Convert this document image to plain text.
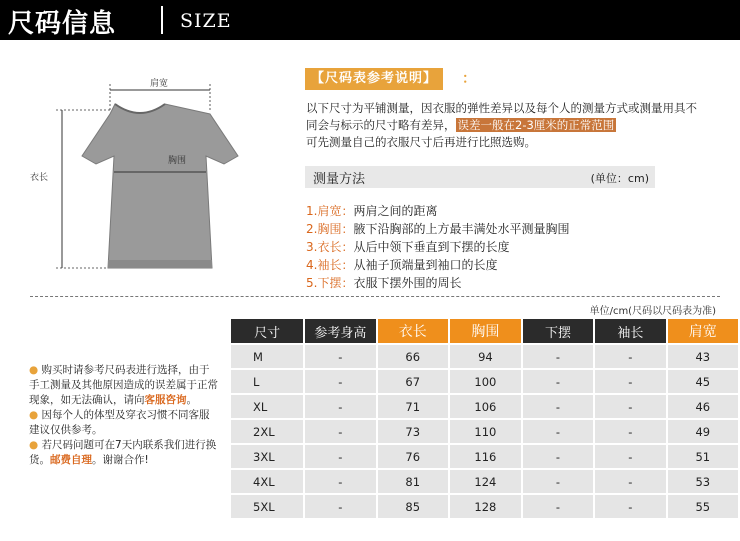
尺码信息	SIZE
肩宽
胸围
衣长
【尺码表参考说明】	：
以下尺寸为平铺测量，因衣服的弹性差异以及每个人的测量方式或测量用具不同会与标示的尺寸略有差异， 误差一般在2-3厘米的正常范围
可先测量自己的衣服尺寸后再进行比照选购。
测量方法	(单位：cm)
1.肩宽：两肩之间的距离
2.胸围：腋下沿胸部的上方最丰满处水平测量胸围
3.衣长：从后中领下垂直到下摆的长度
4.袖长：从袖子顶端量到袖口的长度
5.下摆：衣服下摆外围的周长
单位/cm(尺码以尺码表为准)
● 购买时请参考尺码表进行选择，由于手工测量及其他原因造成的误差属于正常现象，如无法确认，请向客服咨询。
● 因每个人的体型及穿衣习惯不同客服建议仅供参考。
● 若尺码问题可在7天内联系我们进行换货。邮费自理。谢谢合作!
尺寸	参考身高	衣长	胸围	下摆	袖长	肩宽
M	-	66	94	-	-	43
L	-	67	100	-	-	45
XL	-	71	106	-	-	46
2XL	-	73	110	-	-	49
3XL	-	76	116	-	-	51
4XL	-	81	124	-	-	53
5XL	-	85	128	-	-	55
